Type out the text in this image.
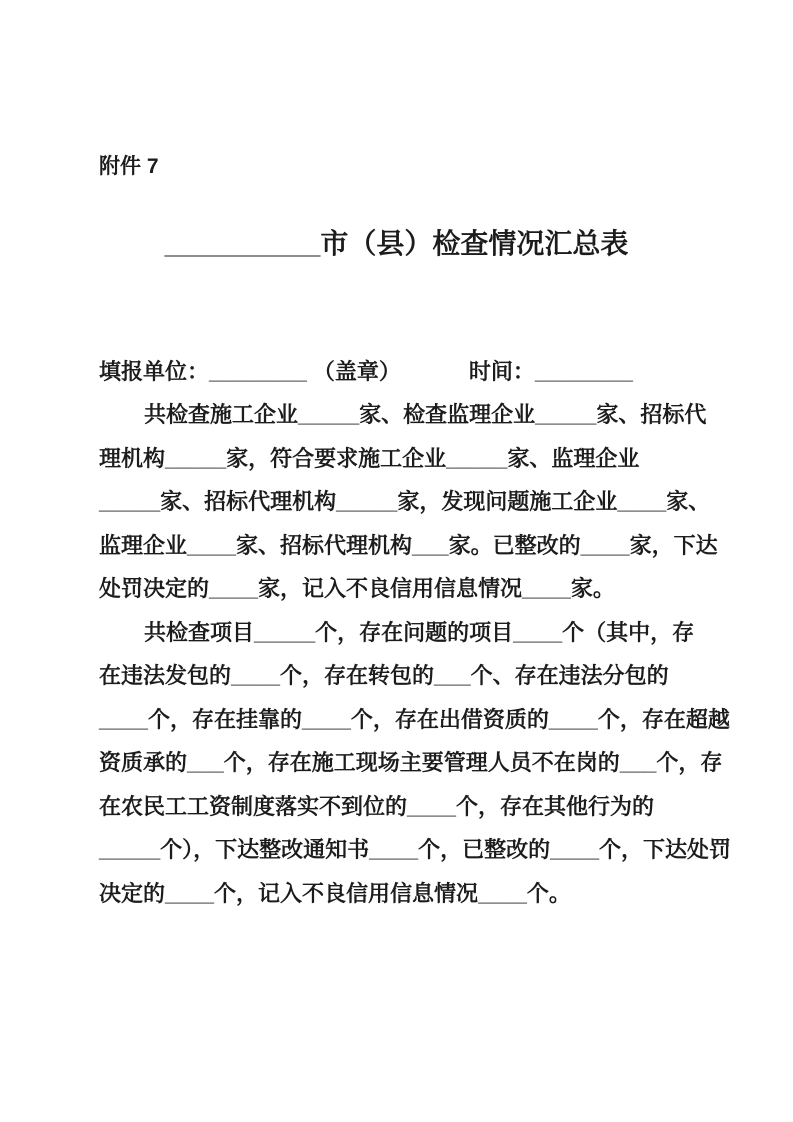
附件 7
__________市（县）检查情况汇总表
填报单位：________ （盖章）	时间：________
共检查施工企业_____家、检查监理企业_____家、招标代
理机构_____家，符合要求施工企业_____家、监理企业
_____家、招标代理机构_____家，发现问题施工企业____家、
监理企业____家、招标代理机构___家。已整改的____家，下达
处罚决定的____家，记入不良信用信息情况____家。
共检查项目_____个，存在问题的项目____个（其中，存
在违法发包的____个，存在转包的___个、存在违法分包的
____个，存在挂靠的____个，存在出借资质的____个，存在超越
资质承的___个，存在施工现场主要管理人员不在岗的___个，存
在农民工工资制度落实不到位的____个，存在其他行为的
_____个），下达整改通知书____个，已整改的____个，下达处罚
决定的____个，记入不良信用信息情况____个。
